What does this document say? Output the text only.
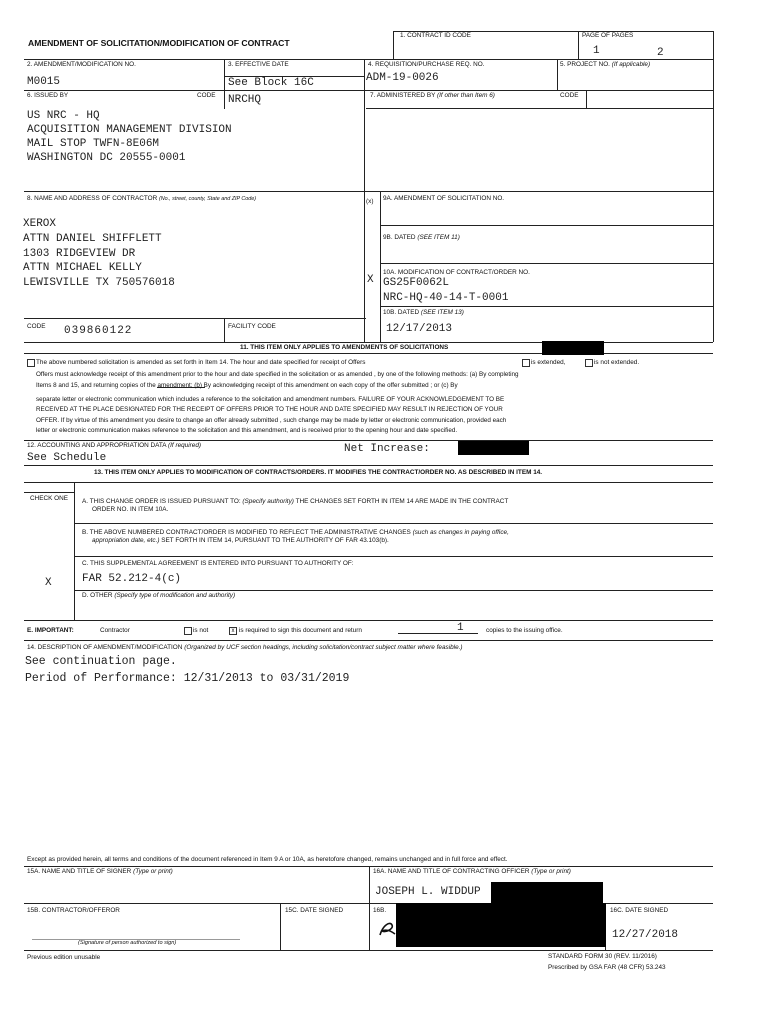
AMENDMENT OF SOLICITATION/MODIFICATION OF CONTRACT
1. CONTRACT ID CODE	PAGE OF PAGES
1	2
2. AMENDMENT/MODIFICATION NO.
M0015
3. EFFECTIVE DATE
See Block 16C
4. REQUISITION/PURCHASE REQ. NO.
ADM-19-0026
5. PROJECT NO. (If applicable)
6. ISSUED BY	CODE NRCHQ
US NRC - HQ
ACQUISITION MANAGEMENT DIVISION
MAIL STOP TWFN-8E06M
WASHINGTON DC 20555-0001
7. ADMINISTERED BY (If other than Item 6)	CODE
8. NAME AND ADDRESS OF CONTRACTOR (No., street, county, State and ZIP Code)
XEROX
ATTN DANIEL SHIFFLETT
1303 RIDGEVIEW DR
ATTN MICHAEL KELLY
LEWISVILLE TX 750576018
CODE 039860122	FACILITY CODE
(x) 9A. AMENDMENT OF SOLICITATION NO.
9B. DATED (SEE ITEM 11)
X
10A. MODIFICATION OF CONTRACT/ORDER NO.
GS25F0062L
NRC-HQ-40-14-T-0001
10B. DATED (SEE ITEM 13)
12/17/2013
11. THIS ITEM ONLY APPLIES TO AMENDMENTS OF SOLICITATIONS
The above numbered solicitation is amended as set forth in Item 14. The hour and date specified for receipt of Offers	is extended,	is not extended.
Offers must acknowledge receipt of this amendment prior to the hour and date specified in the solicitation or as amended , by one of the following methods: (a) By completing
Items 8 and 15, and returning copies of the amendment; (b) By acknowledging receipt of this amendment on each copy of the offer submitted ; or (c) By
separate letter or electronic communication which includes a reference to the solicitation and amendment numbers. FAILURE OF YOUR ACKNOWLEDGEMENT TO BE
RECEIVED AT THE PLACE DESIGNATED FOR THE RECEIPT OF OFFERS PRIOR TO THE HOUR AND DATE SPECIFIED MAY RESULT IN REJECTION OF YOUR
OFFER. If by virtue of this amendment you desire to change an offer already submitted , such change may be made by letter or electronic communication, provided each
letter or electronic communication makes reference to the solicitation and this amendment, and is received prior to the opening hour and date specified.
12. ACCOUNTING AND APPROPRIATION DATA (If required)	Net Increase:
See Schedule
13. THIS ITEM ONLY APPLIES TO MODIFICATION OF CONTRACTS/ORDERS. IT MODIFIES THE CONTRACT/ORDER NO. AS DESCRIBED IN ITEM 14.
CHECK ONE A. THIS CHANGE ORDER IS ISSUED PURSUANT TO: (Specify authority) THE CHANGES SET FORTH IN ITEM 14 ARE MADE IN THE CONTRACT
ORDER NO. IN ITEM 10A.
B. THE ABOVE NUMBERED CONTRACT/ORDER IS MODIFIED TO REFLECT THE ADMINISTRATIVE CHANGES (such as changes in paying office,
appropriation date, etc.) SET FORTH IN ITEM 14, PURSUANT TO THE AUTHORITY OF FAR 43.103(b).
C. THIS SUPPLEMENTAL AGREEMENT IS ENTERED INTO PURSUANT TO AUTHORITY OF:
X	FAR 52.212-4(c)
D. OTHER (Specify type of modification and authority)
E. IMPORTANT:	Contractor	is not	x is required to sign this document and return	1	copies to the issuing office.
14. DESCRIPTION OF AMENDMENT/MODIFICATION (Organized by UCF section headings, including solicitation/contract subject matter where feasible.)
See continuation page.
Period of Performance: 12/31/2013 to 03/31/2019
Except as provided herein, all terms and conditions of the document referenced in Item 9 A or 10A, as heretofore changed, remains unchanged and in full force and effect.
15A. NAME AND TITLE OF SIGNER (Type or print)	16A. NAME AND TITLE OF CONTRACTING OFFICER (Type or print)
JOSEPH L. WIDDUP
15B. CONTRACTOR/OFFEROR	15C. DATE SIGNED	16B.	16C. DATE SIGNED
12/27/2018
(Signature of person authorized to sign)
Previous edition unusable	STANDARD FORM 30 (REV. 11/2016)
Prescribed by GSA FAR (48 CFR) 53.243
